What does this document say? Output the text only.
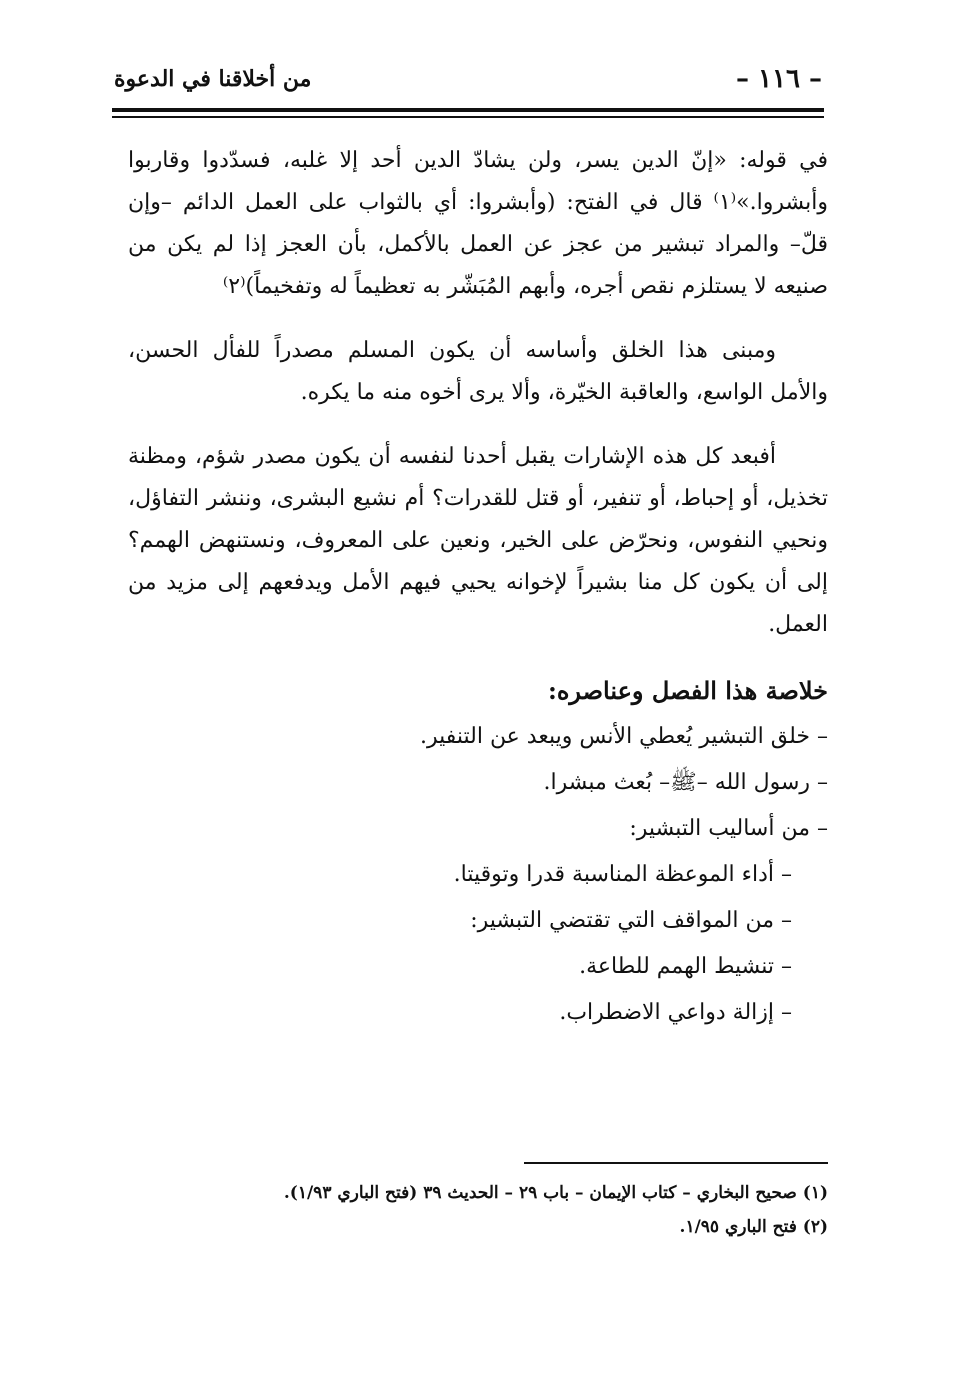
– ١١٦ –
من أخلاقنا في الدعوة

في قوله: «إنّ الدين يسر، ولن يشادّ الدين أحد إلا غلبه، فسدّدوا وقاربوا وأبشروا.»⁽١⁾ قال في الفتح: (وأبشروا: أي بالثواب على العمل الدائم –وإن قلّ– والمراد تبشير من عجز عن العمل بالأكمل، بأن العجز إذا لم يكن من صنيعه لا يستلزم نقص أجره، وأبهم المُبَشّر به تعظيماً له وتفخيماً)⁽٢⁾

ومبنى هذا الخلق وأساسه أن يكون المسلم مصدراً للفأل الحسن، والأمل الواسع، والعاقبة الخيّرة، وألا يرى أخوه منه ما يكره.

أفبعد كل هذه الإشارات يقبل أحدنا لنفسه أن يكون مصدر شؤم، ومظنة تخذيل، أو إحباط، أو تنفير، أو قتل للقدرات؟ أم نشيع البشرى، وننشر التفاؤل، ونحيي النفوس، ونحرّض على الخير، ونعين على المعروف، ونستنهض الهمم؟ إلى أن يكون كل منا بشيراً لإخوانه يحيي فيهم الأمل ويدفعهم إلى مزيد من العمل.

خلاصة هذا الفصل وعناصره:
– خلق التبشير يُعطي الأنس ويبعد عن التنفير.
– رسول الله –ﷺ– بُعث مبشرا.
– من أساليب التبشير:
– أداء الموعظة المناسبة قدرا وتوقيتا.
– من المواقف التي تقتضي التبشير:
– تنشيط الهمم للطاعة.
– إزالة دواعي الاضطراب.

(١) صحيح البخاري – كتاب الإيمان – باب ٢٩ – الحديث ٣٩ (فتح الباري ١/٩٣).

(٢) فتح الباري ١/٩٥.
